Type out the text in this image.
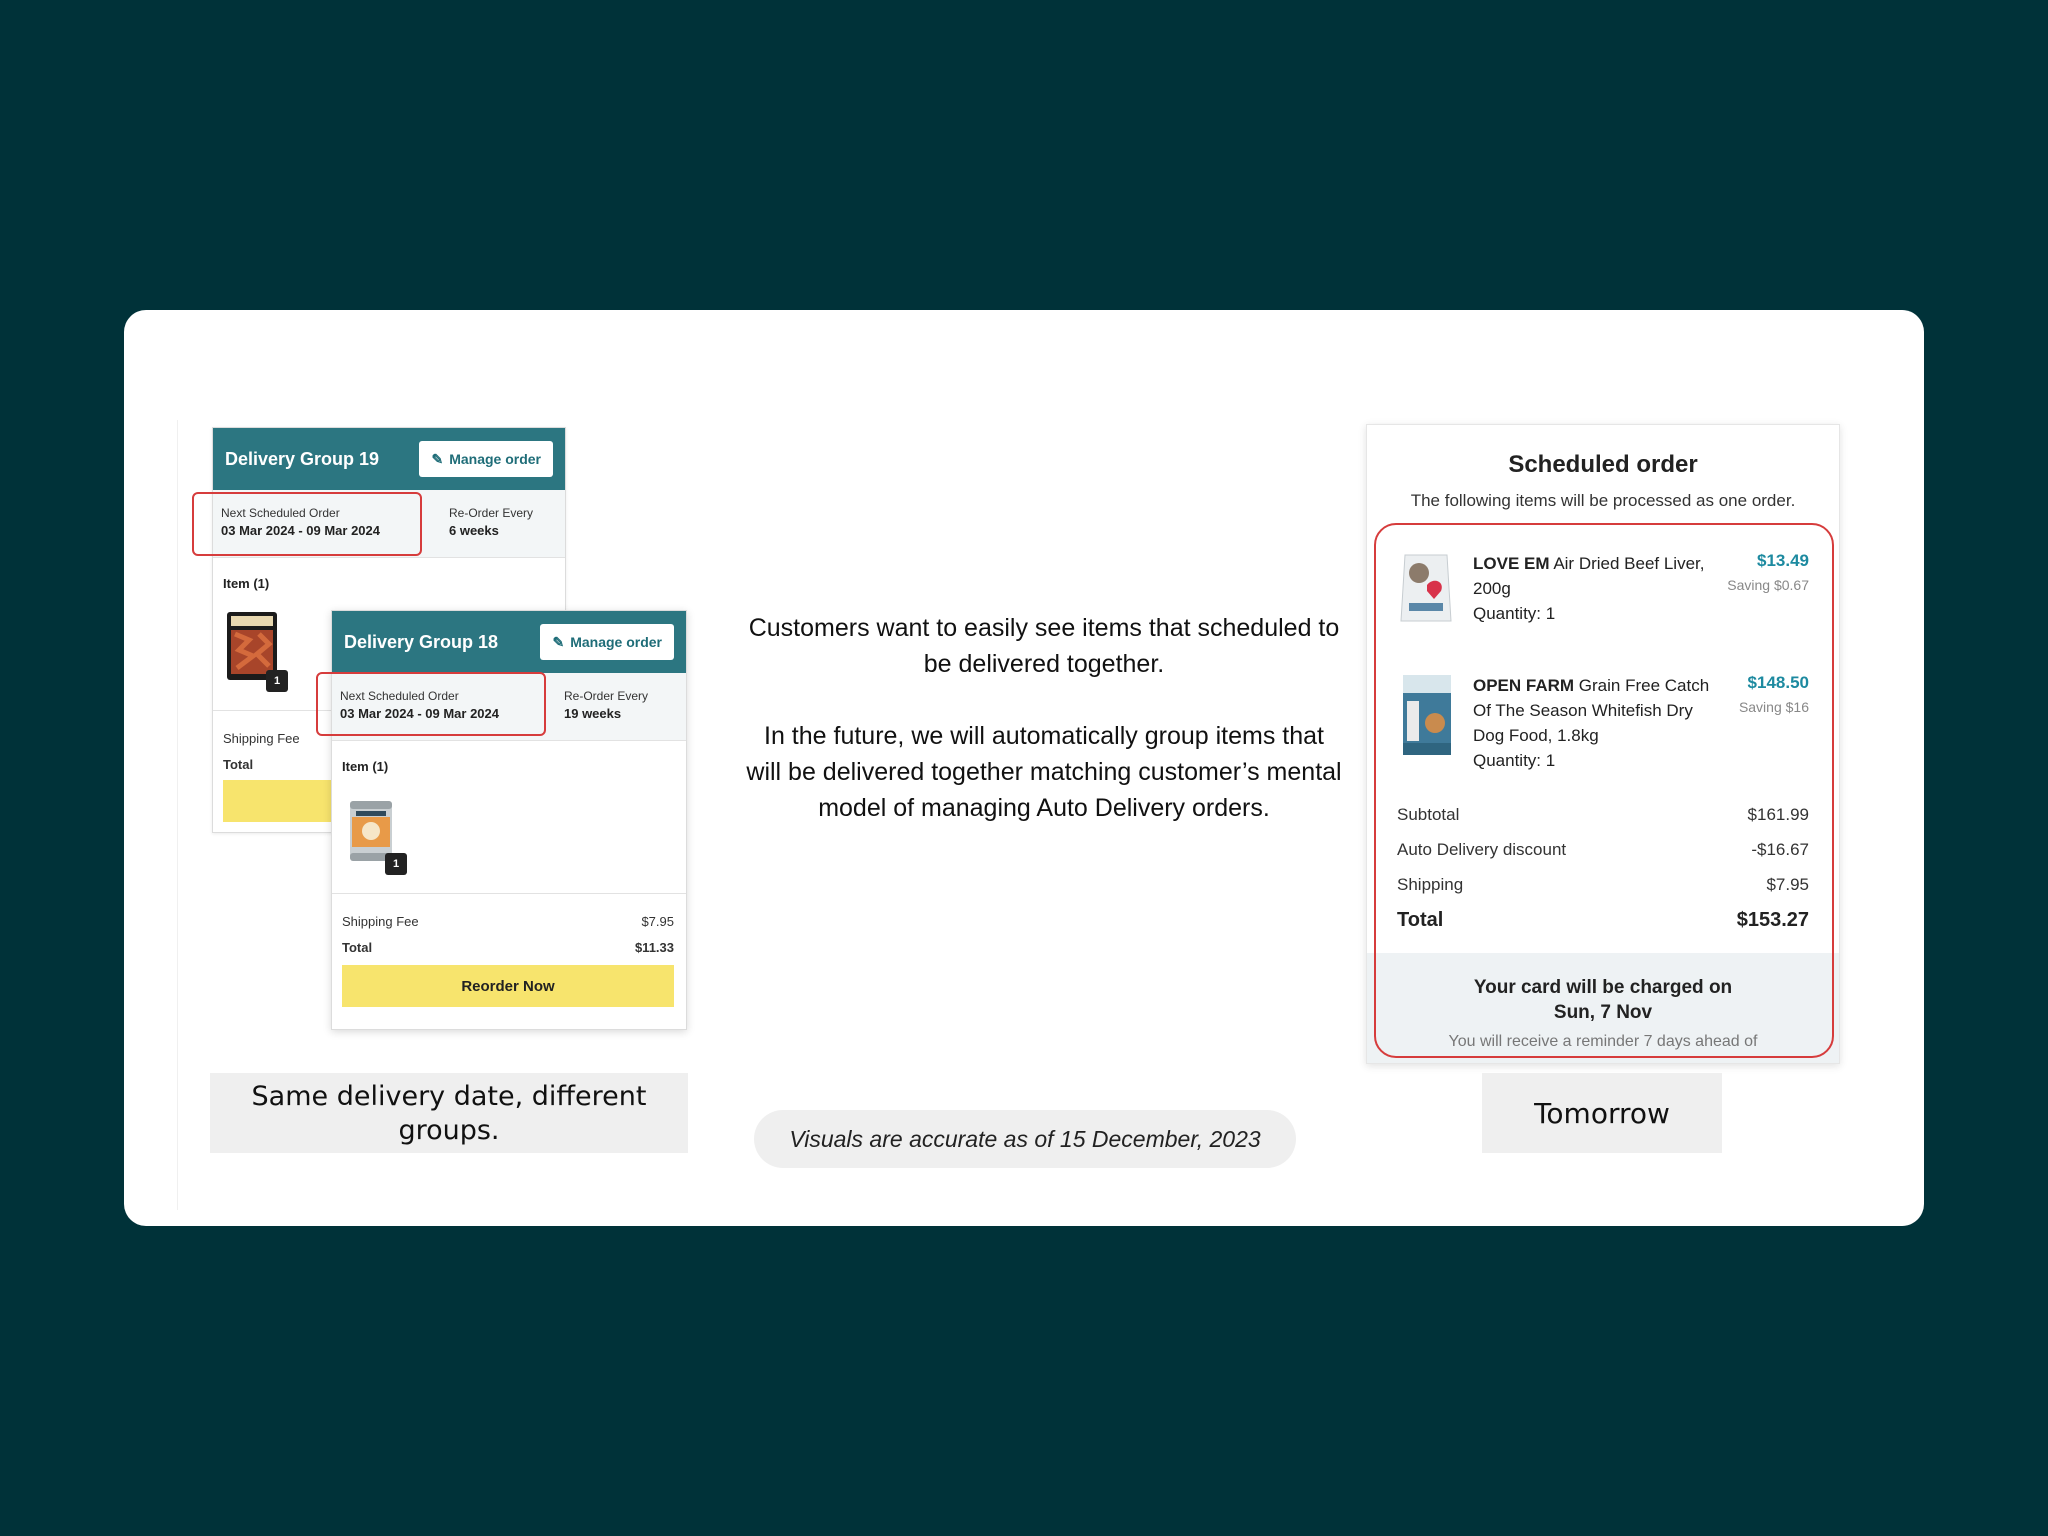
Delivery Group 19	✎ Manage order
Next Scheduled Order
03 Mar 2024 - 09 Mar 2024
Re-Order Every
6 weeks
Item (1)
1
Shipping Fee
Total
Delivery Group 18	✎ Manage order
Next Scheduled Order
03 Mar 2024 - 09 Mar 2024
Re-Order Every
19 weeks
Item (1)
1
Shipping Fee	$7.95
Total	$11.33
Reorder Now
Same delivery date, different groups.

Customers want to easily see items that scheduled to be delivered together.

In the future, we will automatically group items that will be delivered together matching customer’s mental model of managing Auto Delivery orders.

Visuals are accurate as of 15 December, 2023
Scheduled order
The following items will be processed as one order.
LOVE EM Air Dried Beef Liver, 200g
Quantity: 1
$13.49
Saving $0.67
OPEN FARM Grain Free Catch Of The Season Whitefish Dry Dog Food, 1.8kg
Quantity: 1
$148.50
Saving $16
Subtotal	$161.99
Auto Delivery discount	-$16.67
Shipping	$7.95
Total	$153.27
Your card will be charged on
Sun, 7 Nov
You will receive a reminder 7 days ahead of
Tomorrow
